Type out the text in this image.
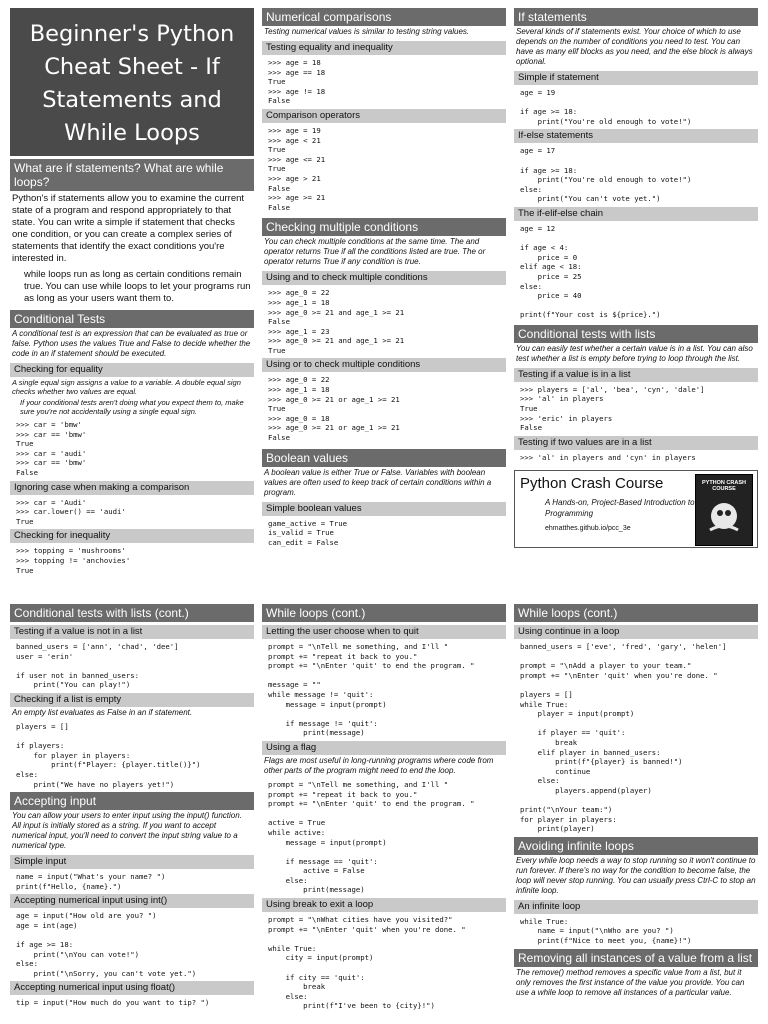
Beginner's Python Cheat Sheet - If Statements and While Loops
What are if statements? What are while loops?

Python's if statements allow you to examine the current state of a program and respond appropriately to that state. You can write a simple if statement that checks one condition, or you can create a complex series of statements that identify the exact conditions you're interested in.

while loops run as long as certain conditions remain true. You can use while loops to let your programs run as long as your users want them to.

Conditional Tests

A conditional test is an expression that can be evaluated as true or false. Python uses the values True and False to decide whether the code in an if statement should be executed.

Checking for equality

A single equal sign assigns a value to a variable. A double equal sign checks whether two values are equal.

If your conditional tests aren't doing what you expect them to, make sure you're not accidentally using a single equal sign.

>>> car = 'bmw'
>>> car == 'bmw'
True
>>> car = 'audi'
>>> car == 'bmw'
False
Ignoring case when making a comparison
>>> car = 'Audi'
>>> car.lower() == 'audi'
True
Checking for inequality
>>> topping = 'mushrooms'
>>> topping != 'anchovies'
True
Numerical comparisons

Testing numerical values is similar to testing string values.

Testing equality and inequality
>>> age = 18
>>> age == 18
True
>>> age != 18
False
Comparison operators
>>> age = 19
>>> age < 21
True
>>> age <= 21
True
>>> age > 21
False
>>> age >= 21
False
Checking multiple conditions

You can check multiple conditions at the same time. The and operator returns True if all the conditions listed are true. The or operator returns True if any condition is true.

Using and to check multiple conditions
>>> age_0 = 22
>>> age_1 = 18
>>> age_0 >= 21 and age_1 >= 21
False
>>> age_1 = 23
>>> age_0 >= 21 and age_1 >= 21
True
Using or to check multiple conditions
>>> age_0 = 22
>>> age_1 = 18
>>> age_0 >= 21 or age_1 >= 21
True
>>> age_0 = 18
>>> age_0 >= 21 or age_1 >= 21
False
Boolean values

A boolean value is either True or False. Variables with boolean values are often used to keep track of certain conditions within a program.

Simple boolean values
game_active = True
is_valid = True
can_edit = False
If statements

Several kinds of if statements exist. Your choice of which to use depends on the number of conditions you need to test. You can have as many elif blocks as you need, and the else block is always optional.

Simple if statement
age = 19

if age >= 18:
print("You're old enough to vote!")
If-else statements
age = 17

if age >= 18:
print("You're old enough to vote!")
else:
print("You can't vote yet.")
The if-elif-else chain
age = 12

if age < 4:
price = 0
elif age < 18:
price = 25
else:
price = 40

print(f"Your cost is ${price}.")
Conditional tests with lists

You can easily test whether a certain value is in a list. You can also test whether a list is empty before trying to loop through the list.

Testing if a value is in a list
>>> players = ['al', 'bea', 'cyn', 'dale']
>>> 'al' in players
True
>>> 'eric' in players
False
Testing if two values are in a list
>>> 'al' in players and 'cyn' in players
Python Crash Course
A Hands-on, Project-Based Introduction to Programming
ehmatthes.github.io/pcc_3e
PYTHON CRASH COURSE
Conditional tests with lists (cont.)
Testing if a value is not in a list
banned_users = ['ann', 'chad', 'dee']
user = 'erin'

if user not in banned_users:
print("You can play!")
Checking if a list is empty

An empty list evaluates as False in an if statement.

players = []

if players:
for player in players:
print(f"Player: {player.title()}")
else:
print("We have no players yet!")
Accepting input

You can allow your users to enter input using the input() function. All input is initially stored as a string. If you want to accept numerical input, you'll need to convert the input string value to a numerical type.

Simple input
name = input("What's your name? ")
print(f"Hello, {name}.")
Accepting numerical input using int()
age = input("How old are you? ")
age = int(age)

if age >= 18:
print("\nYou can vote!")
else:
print("\nSorry, you can't vote yet.")
Accepting numerical input using float()
tip = input("How much do you want to tip? ")
While loops (cont.)
Letting the user choose when to quit
prompt = "\nTell me something, and I'll "
prompt += "repeat it back to you."
prompt += "\nEnter 'quit' to end the program. "

message = ""
while message != 'quit':
message = input(prompt)

if message != 'quit':
print(message)
Using a flag

Flags are most useful in long-running programs where code from other parts of the program might need to end the loop.

prompt = "\nTell me something, and I'll "
prompt += "repeat it back to you."
prompt += "\nEnter 'quit' to end the program. "

active = True
while active:
message = input(prompt)

if message == 'quit':
active = False
else:
print(message)
Using break to exit a loop
prompt = "\nWhat cities have you visited?"
prompt += "\nEnter 'quit' when you're done. "

while True:
city = input(prompt)

if city == 'quit':
break
else:
print(f"I've been to {city}!")
While loops (cont.)
Using continue in a loop
banned_users = ['eve', 'fred', 'gary', 'helen']

prompt = "\nAdd a player to your team."
prompt += "\nEnter 'quit' when you're done. "

players = []
while True:
player = input(prompt)

if player == 'quit':
break
elif player in banned_users:
print(f"{player} is banned!")
continue
else:
players.append(player)

print("\nYour team:")
for player in players:
print(player)
Avoiding infinite loops

Every while loop needs a way to stop running so it won't continue to run forever. If there's no way for the condition to become false, the loop will never stop running. You can usually press Ctrl-C to stop an infinite loop.

An infinite loop
while True:
name = input("\nWho are you? ")
print(f"Nice to meet you, {name}!")
Removing all instances of a value from a list

The remove() method removes a specific value from a list, but it only removes the first instance of the value you provide. You can use a while loop to remove all instances of a particular value.
